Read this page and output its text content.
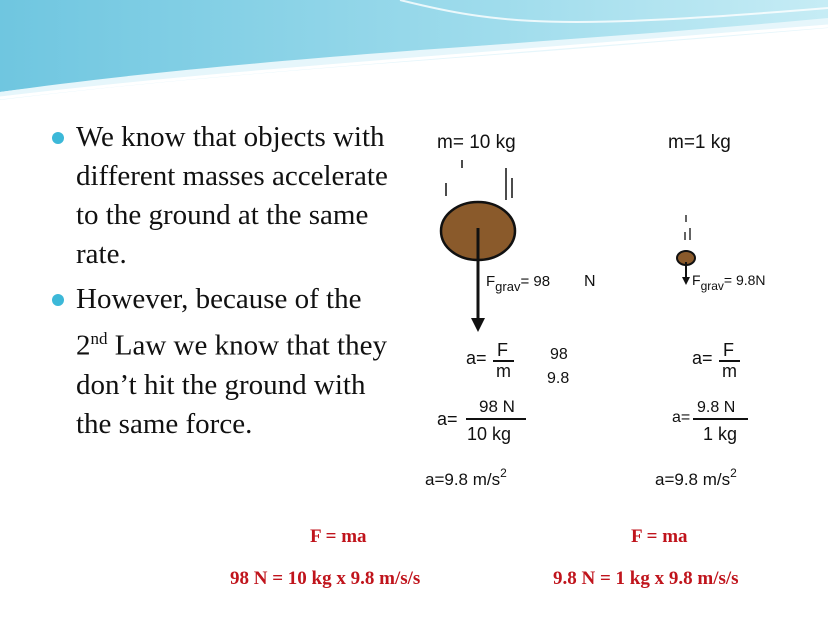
We know that objects with different masses accelerate to the ground at the same rate.
However, because of the 2nd Law we know that they don’t hit the ground with the same force.
m= 10 kg
Fgrav= 98 N
a= F
m
98
9.8
a=
98 N
10 kg
a=9.8 $m/s^2$
m=1 kg
Fgrav= 9.8N
a= F
m
a=
9.8 N
1 kg
a=9.8 $m/s^2$
F = ma
98 N = 10 kg x 9.8 m/s/s
F = ma
9.8 N = 1 kg x 9.8 m/s/s
